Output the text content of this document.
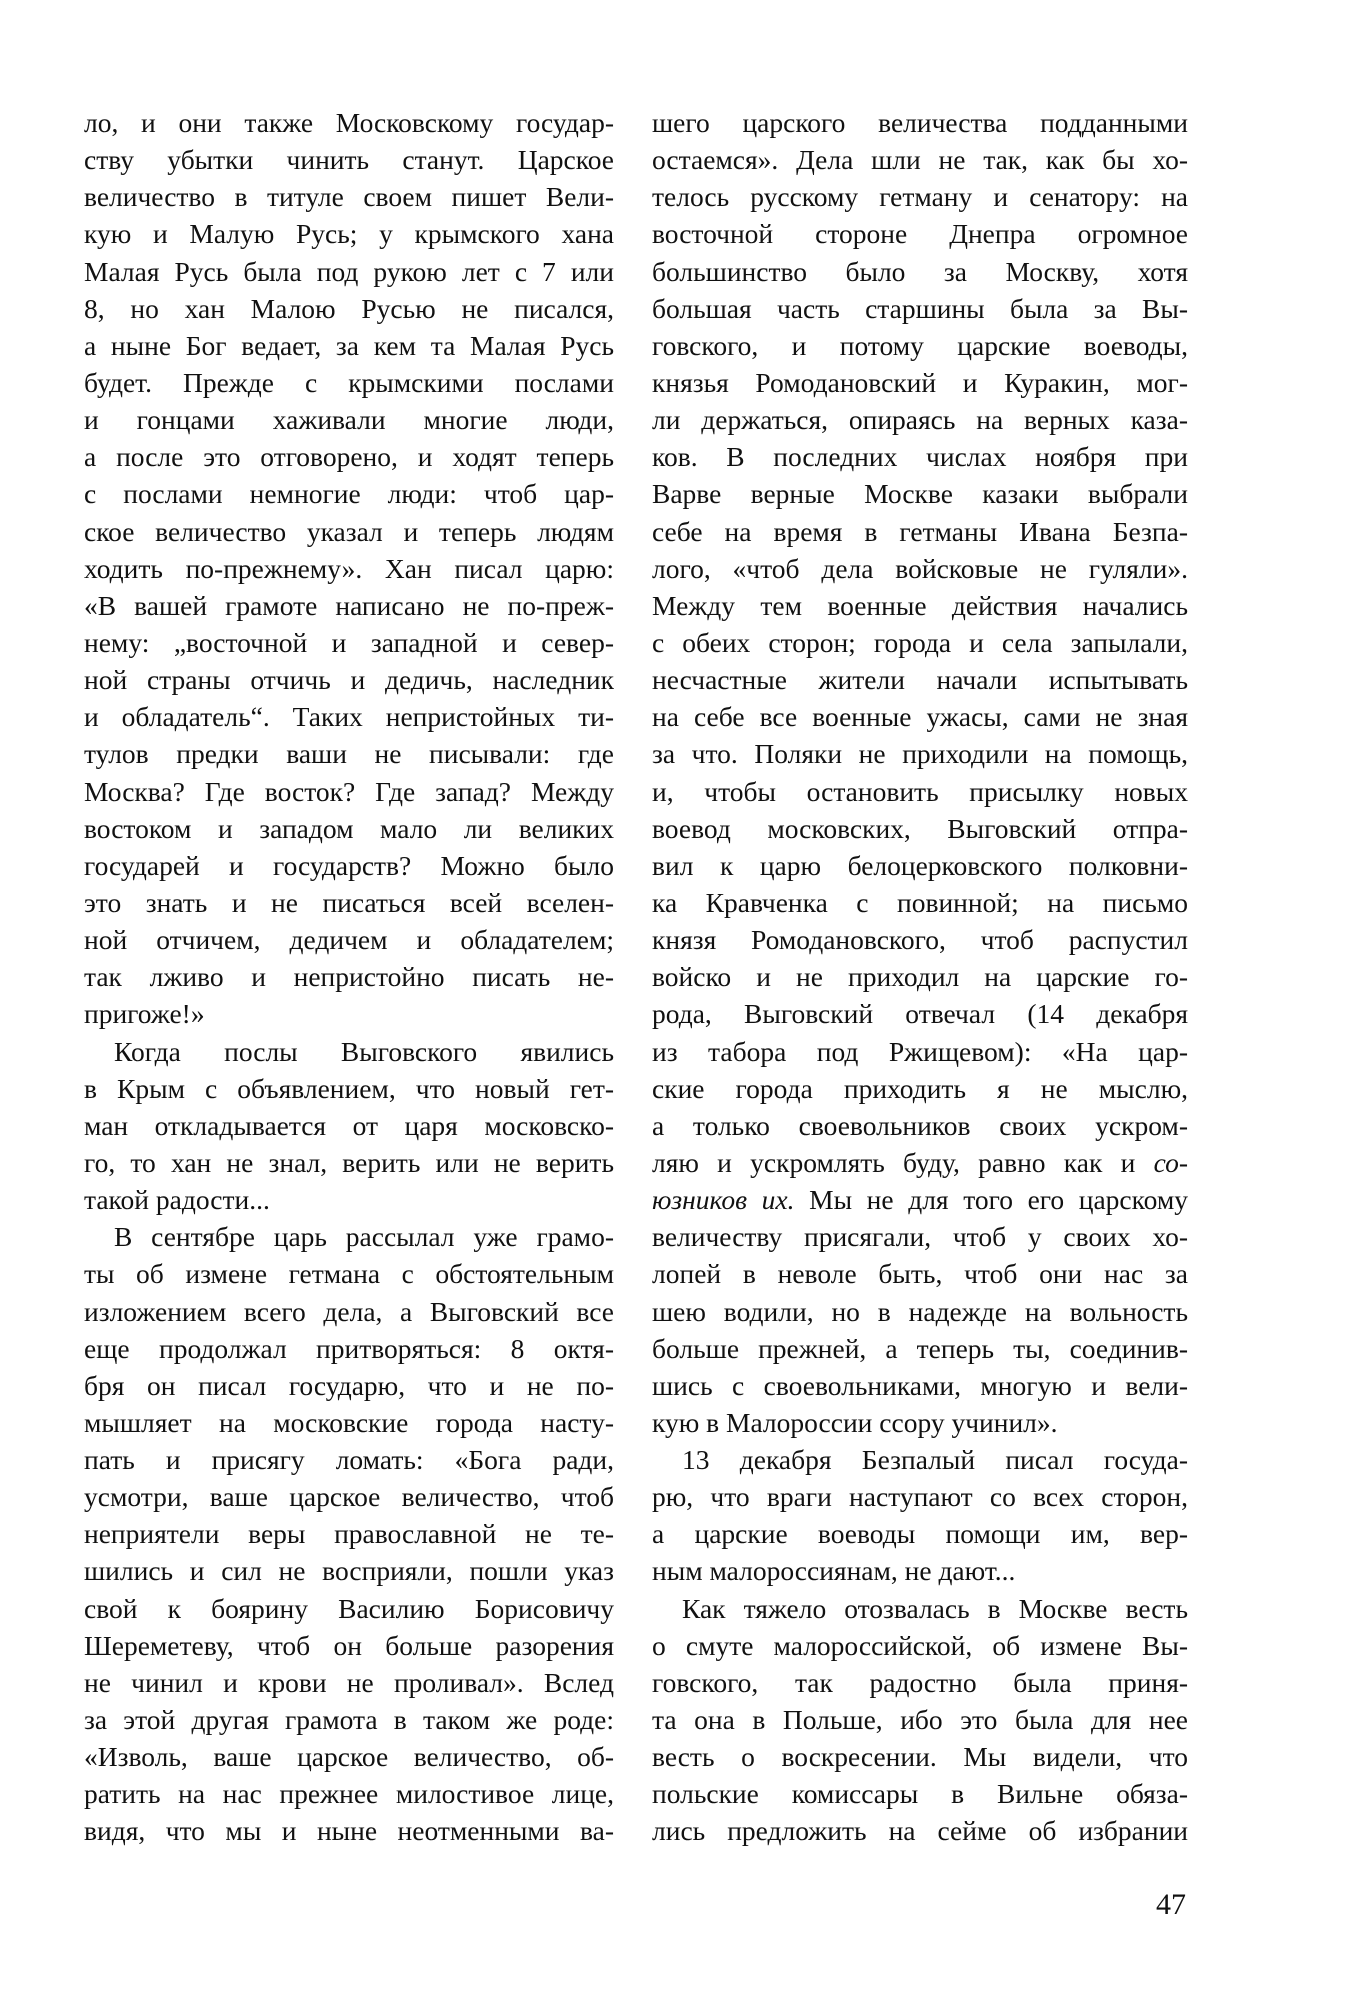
ло, и они также Московскому государ-
ству убытки чинить станут. Царское
величество в титуле своем пишет Вели-
кую и Малую Русь; у крымского хана
Малая Русь была под рукою лет с 7 или
8, но хан Малою Русью не писался,
а ныне Бог ведает, за кем та Малая Русь
будет. Прежде с крымскими послами
и гонцами хаживали многие люди,
а после это отговорено, и ходят теперь
с послами немногие люди: чтоб цар-
ское величество указал и теперь людям
ходить по-прежнему». Хан писал царю:
«В вашей грамоте написано не по-преж-
нему: „восточной и западной и север-
ной страны отчичь и дедичь, наследник
и обладатель“. Таких непристойных ти-
тулов предки ваши не писывали: где
Москва? Где восток? Где запад? Между
востоком и западом мало ли великих
государей и государств? Можно было
это знать и не писаться всей вселен-
ной отчичем, дедичем и обладателем;
так лживо и непристойно писать не-
пригоже!»
Когда послы Выговского явились
в Крым с объявлением, что новый гет-
ман откладывается от царя московско-
го, то хан не знал, верить или не верить
такой радости...
В сентябре царь рассылал уже грамо-
ты об измене гетмана с обстоятельным
изложением всего дела, а Выговский все
еще продолжал притворяться: 8 октя-
бря он писал государю, что и не по-
мышляет на московские города насту-
пать и присягу ломать: «Бога ради,
усмотри, ваше царское величество, чтоб
неприятели веры православной не те-
шились и сил не восприяли, пошли указ
свой к боярину Василию Борисовичу
Шереметеву, чтоб он больше разорения
не чинил и крови не проливал». Вслед
за этой другая грамота в таком же роде:
«Изволь, ваше царское величество, об-
ратить на нас прежнее милостивое лице,
видя, что мы и ныне неотменными ва-
шего царского величества подданными
остаемся». Дела шли не так, как бы хо-
телось русскому гетману и сенатору: на
восточной стороне Днепра огромное
большинство было за Москву, хотя
большая часть старшины была за Вы-
говского, и потому царские воеводы,
князья Ромодановский и Куракин, мог-
ли держаться, опираясь на верных каза-
ков. В последних числах ноября при
Варве верные Москве казаки выбрали
себе на время в гетманы Ивана Безпа-
лого, «чтоб дела войсковые не гуляли».
Между тем военные действия начались
с обеих сторон; города и села запылали,
несчастные жители начали испытывать
на себе все военные ужасы, сами не зная
за что. Поляки не приходили на помощь,
и, чтобы остановить присылку новых
воевод московских, Выговский отпра-
вил к царю белоцерковского полковни-
ка Кравченка с повинной; на письмо
князя Ромодановского, чтоб распустил
войско и не приходил на царские го-
рода, Выговский отвечал (14 декабря
из табора под Ржищевом): «На цар-
ские города приходить я не мыслю,
а только своевольников своих ускром-
ляю и ускромлять буду, равно как и со-
юзников их. Мы не для того его царскому
величеству присягали, чтоб у своих хо-
лопей в неволе быть, чтоб они нас за
шею водили, но в надежде на вольность
больше прежней, а теперь ты, соединив-
шись с своевольниками, многую и вели-
кую в Малороссии ссору учинил».
13 декабря Безпалый писал госуда-
рю, что враги наступают со всех сторон,
а царские воеводы помощи им, вер-
ным малороссиянам, не дают...
Как тяжело отозвалась в Москве весть
о смуте малороссийской, об измене Вы-
говского, так радостно была приня-
та она в Польше, ибо это была для нее
весть о воскресении. Мы видели, что
польские комиссары в Вильне обяза-
лись предложить на сейме об избрании
47
